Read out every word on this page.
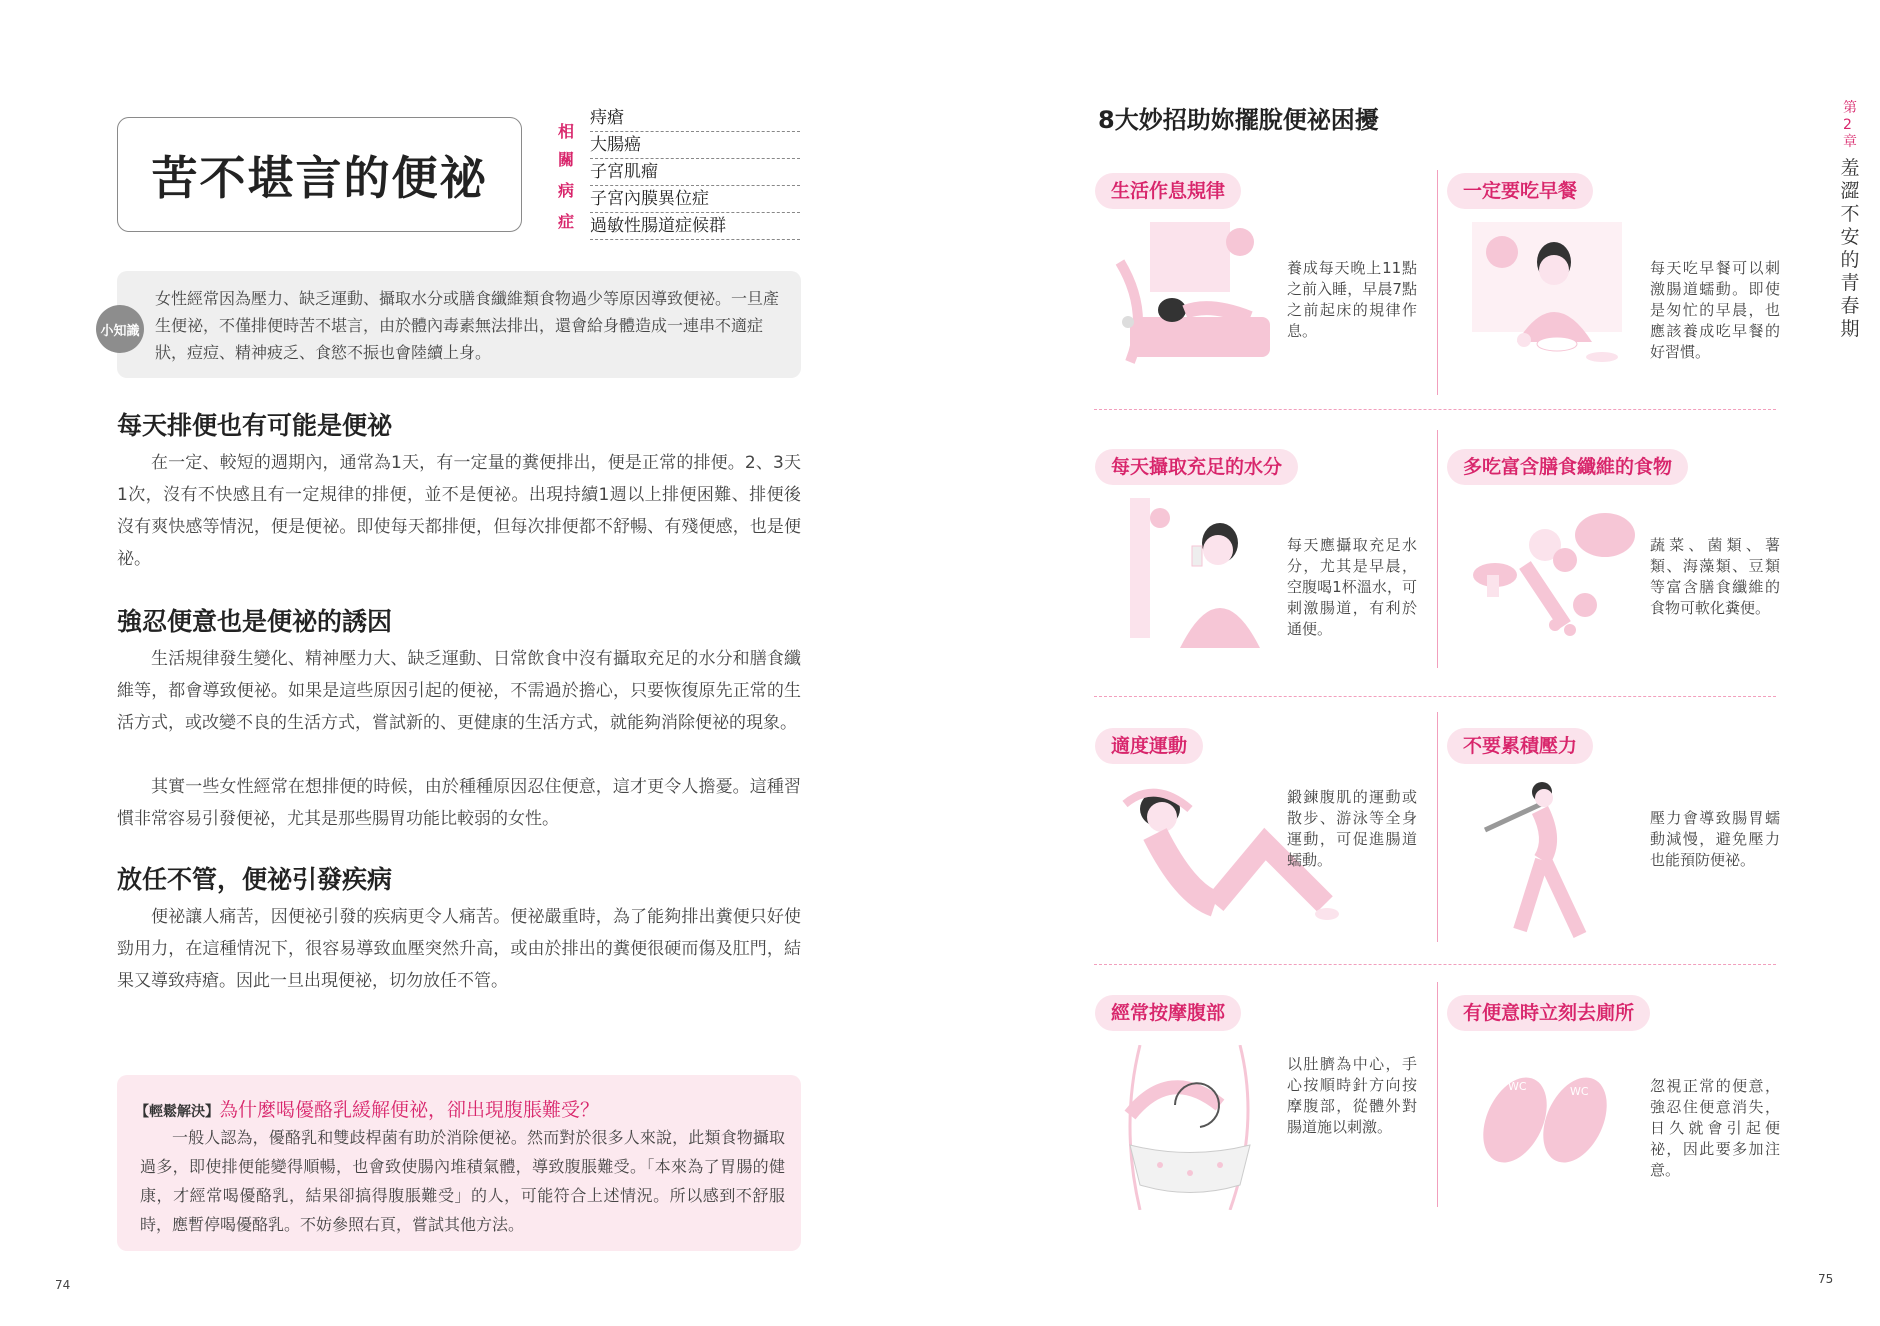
苦不堪言的便祕
相
關
病
症
痔瘡
大腸癌
子宮肌瘤
子宮內膜異位症
過敏性腸道症候群
小知識
女性經常因為壓力、缺乏運動、攝取水分或膳食纖維類食物過少等原因導致便祕。一旦產生便祕，不僅排便時苦不堪言，由於體內毒素無法排出，還會給身體造成一連串不適症狀，痘痘、精神疲乏、食慾不振也會陸續上身。
每天排便也有可能是便祕
在一定、較短的週期內，通常為1天，有一定量的糞便排出，便是正常的排便。2、3天1次，沒有不快感且有一定規律的排便，並不是便祕。出現持續1週以上排便困難、排便後沒有爽快感等情況，便是便祕。即使每天都排便，但每次排便都不舒暢、有殘便感，也是便祕。
強忍便意也是便祕的誘因
生活規律發生變化、精神壓力大、缺乏運動、日常飲食中沒有攝取充足的水分和膳食纖維等，都會導致便祕。如果是這些原因引起的便祕，不需過於擔心，只要恢復原先正常的生活方式，或改變不良的生活方式，嘗試新的、更健康的生活方式，就能夠消除便祕的現象。
其實一些女性經常在想排便的時候，由於種種原因忍住便意，這才更令人擔憂。這種習慣非常容易引發便祕，尤其是那些腸胃功能比較弱的女性。
放任不管，便祕引發疾病
便祕讓人痛苦，因便祕引發的疾病更令人痛苦。便祕嚴重時，為了能夠排出糞便只好使勁用力，在這種情況下，很容易導致血壓突然升高，或由於排出的糞便很硬而傷及肛門，結果又導致痔瘡。因此一旦出現便祕，切勿放任不管。
【輕鬆解決】為什麼喝優酪乳緩解便祕，卻出現腹脹難受？
一般人認為，優酪乳和雙歧桿菌有助於消除便祕。然而對於很多人來說，此類食物攝取過多，即使排便能變得順暢，也會致使腸內堆積氣體，導致腹脹難受。「本來為了胃腸的健康，才經常喝優酪乳，結果卻搞得腹脹難受」的人，可能符合上述情況。所以感到不舒服時，應暫停喝優酪乳。不妨參照右頁，嘗試其他方法。
74
8大妙招助妳擺脫便祕困擾
生活作息規律
養成每天晚上11點之前入睡，早晨7點之前起床的規律作息。
一定要吃早餐
每天吃早餐可以刺激腸道蠕動。即使是匆忙的早晨，也應該養成吃早餐的好習慣。
每天攝取充足的水分
每天應攝取充足水分，尤其是早晨，空腹喝1杯溫水，可刺激腸道，有利於通便。
多吃富含膳食纖維的食物
蔬菜、菌類、薯類、海藻類、豆類等富含膳食纖維的食物可軟化糞便。
適度運動
鍛鍊腹肌的運動或散步、游泳等全身運動，可促進腸道蠕動。
不要累積壓力
壓力會導致腸胃蠕動減慢，避免壓力也能預防便祕。
經常按摩腹部
以肚臍為中心，手心按順時針方向按摩腹部，從體外對腸道施以刺激。
有便意時立刻去廁所
WC	WC	忽視正常的便意，強忍住便意消失，日久就會引起便祕，因此要多加注意。
第
2
章
羞
澀
不
安
的
青
春
期
75
